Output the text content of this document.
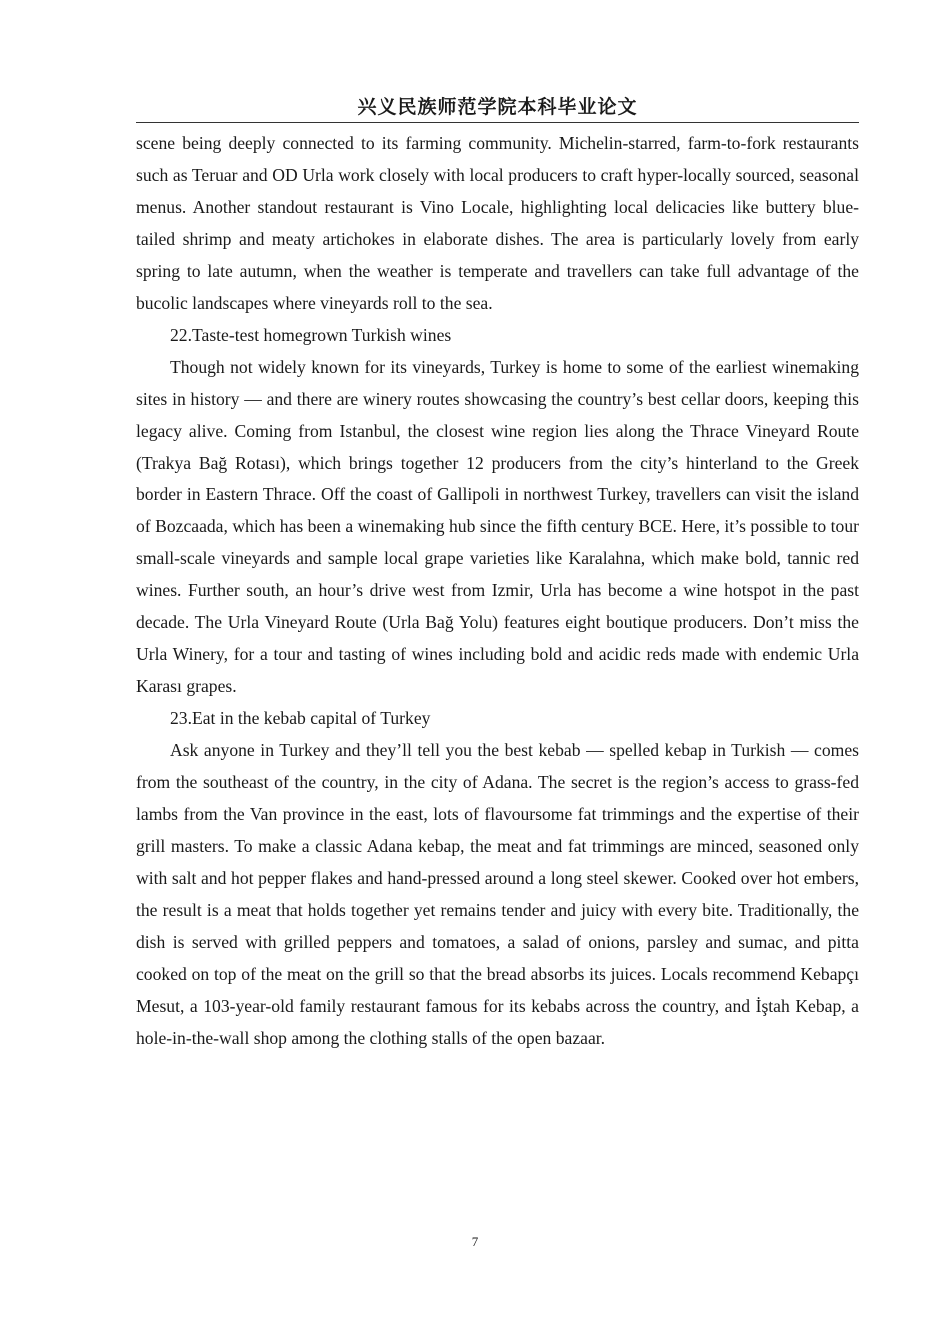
兴义民族师范学院本科毕业论文

scene being deeply connected to its farming community. Michelin-starred, farm-to-fork restaurants such as Teruar and OD Urla work closely with local producers to craft hyper-locally sourced, seasonal menus. Another standout restaurant is Vino Locale, highlighting local delicacies like buttery blue-tailed shrimp and meaty artichokes in elaborate dishes. The area is particularly lovely from early spring to late autumn, when the weather is temperate and travellers can take full advantage of the bucolic landscapes where vineyards roll to the sea.

22.Taste-test homegrown Turkish wines

Though not widely known for its vineyards, Turkey is home to some of the earliest winemaking sites in history — and there are winery routes showcasing the country’s best cellar doors, keeping this legacy alive. Coming from Istanbul, the closest wine region lies along the Thrace Vineyard Route (Trakya Bağ Rotası), which brings together 12 producers from the city’s hinterland to the Greek border in Eastern Thrace. Off the coast of Gallipoli in northwest Turkey, travellers can visit the island of Bozcaada, which has been a winemaking hub since the fifth century BCE. Here, it’s possible to tour small-scale vineyards and sample local grape varieties like Karalahna, which make bold, tannic red wines. Further south, an hour’s drive west from Izmir, Urla has become a wine hotspot in the past decade. The Urla Vineyard Route (Urla Bağ Yolu) features eight boutique producers. Don’t miss the Urla Winery, for a tour and tasting of wines including bold and acidic reds made with endemic Urla Karası grapes.

23.Eat in the kebab capital of Turkey

Ask anyone in Turkey and they’ll tell you the best kebab — spelled kebap in Turkish — comes from the southeast of the country, in the city of Adana. The secret is the region’s access to grass-fed lambs from the Van province in the east, lots of flavoursome fat trimmings and the expertise of their grill masters. To make a classic Adana kebap, the meat and fat trimmings are minced, seasoned only with salt and hot pepper flakes and hand-pressed around a long steel skewer. Cooked over hot embers, the result is a meat that holds together yet remains tender and juicy with every bite. Traditionally, the dish is served with grilled peppers and tomatoes, a salad of onions, parsley and sumac, and pitta cooked on top of the meat on the grill so that the bread absorbs its juices. Locals recommend Kebapçı Mesut, a 103-year-old family restaurant famous for its kebabs across the country, and İştah Kebap, a hole-in-the-wall shop among the clothing stalls of the open bazaar.

7
